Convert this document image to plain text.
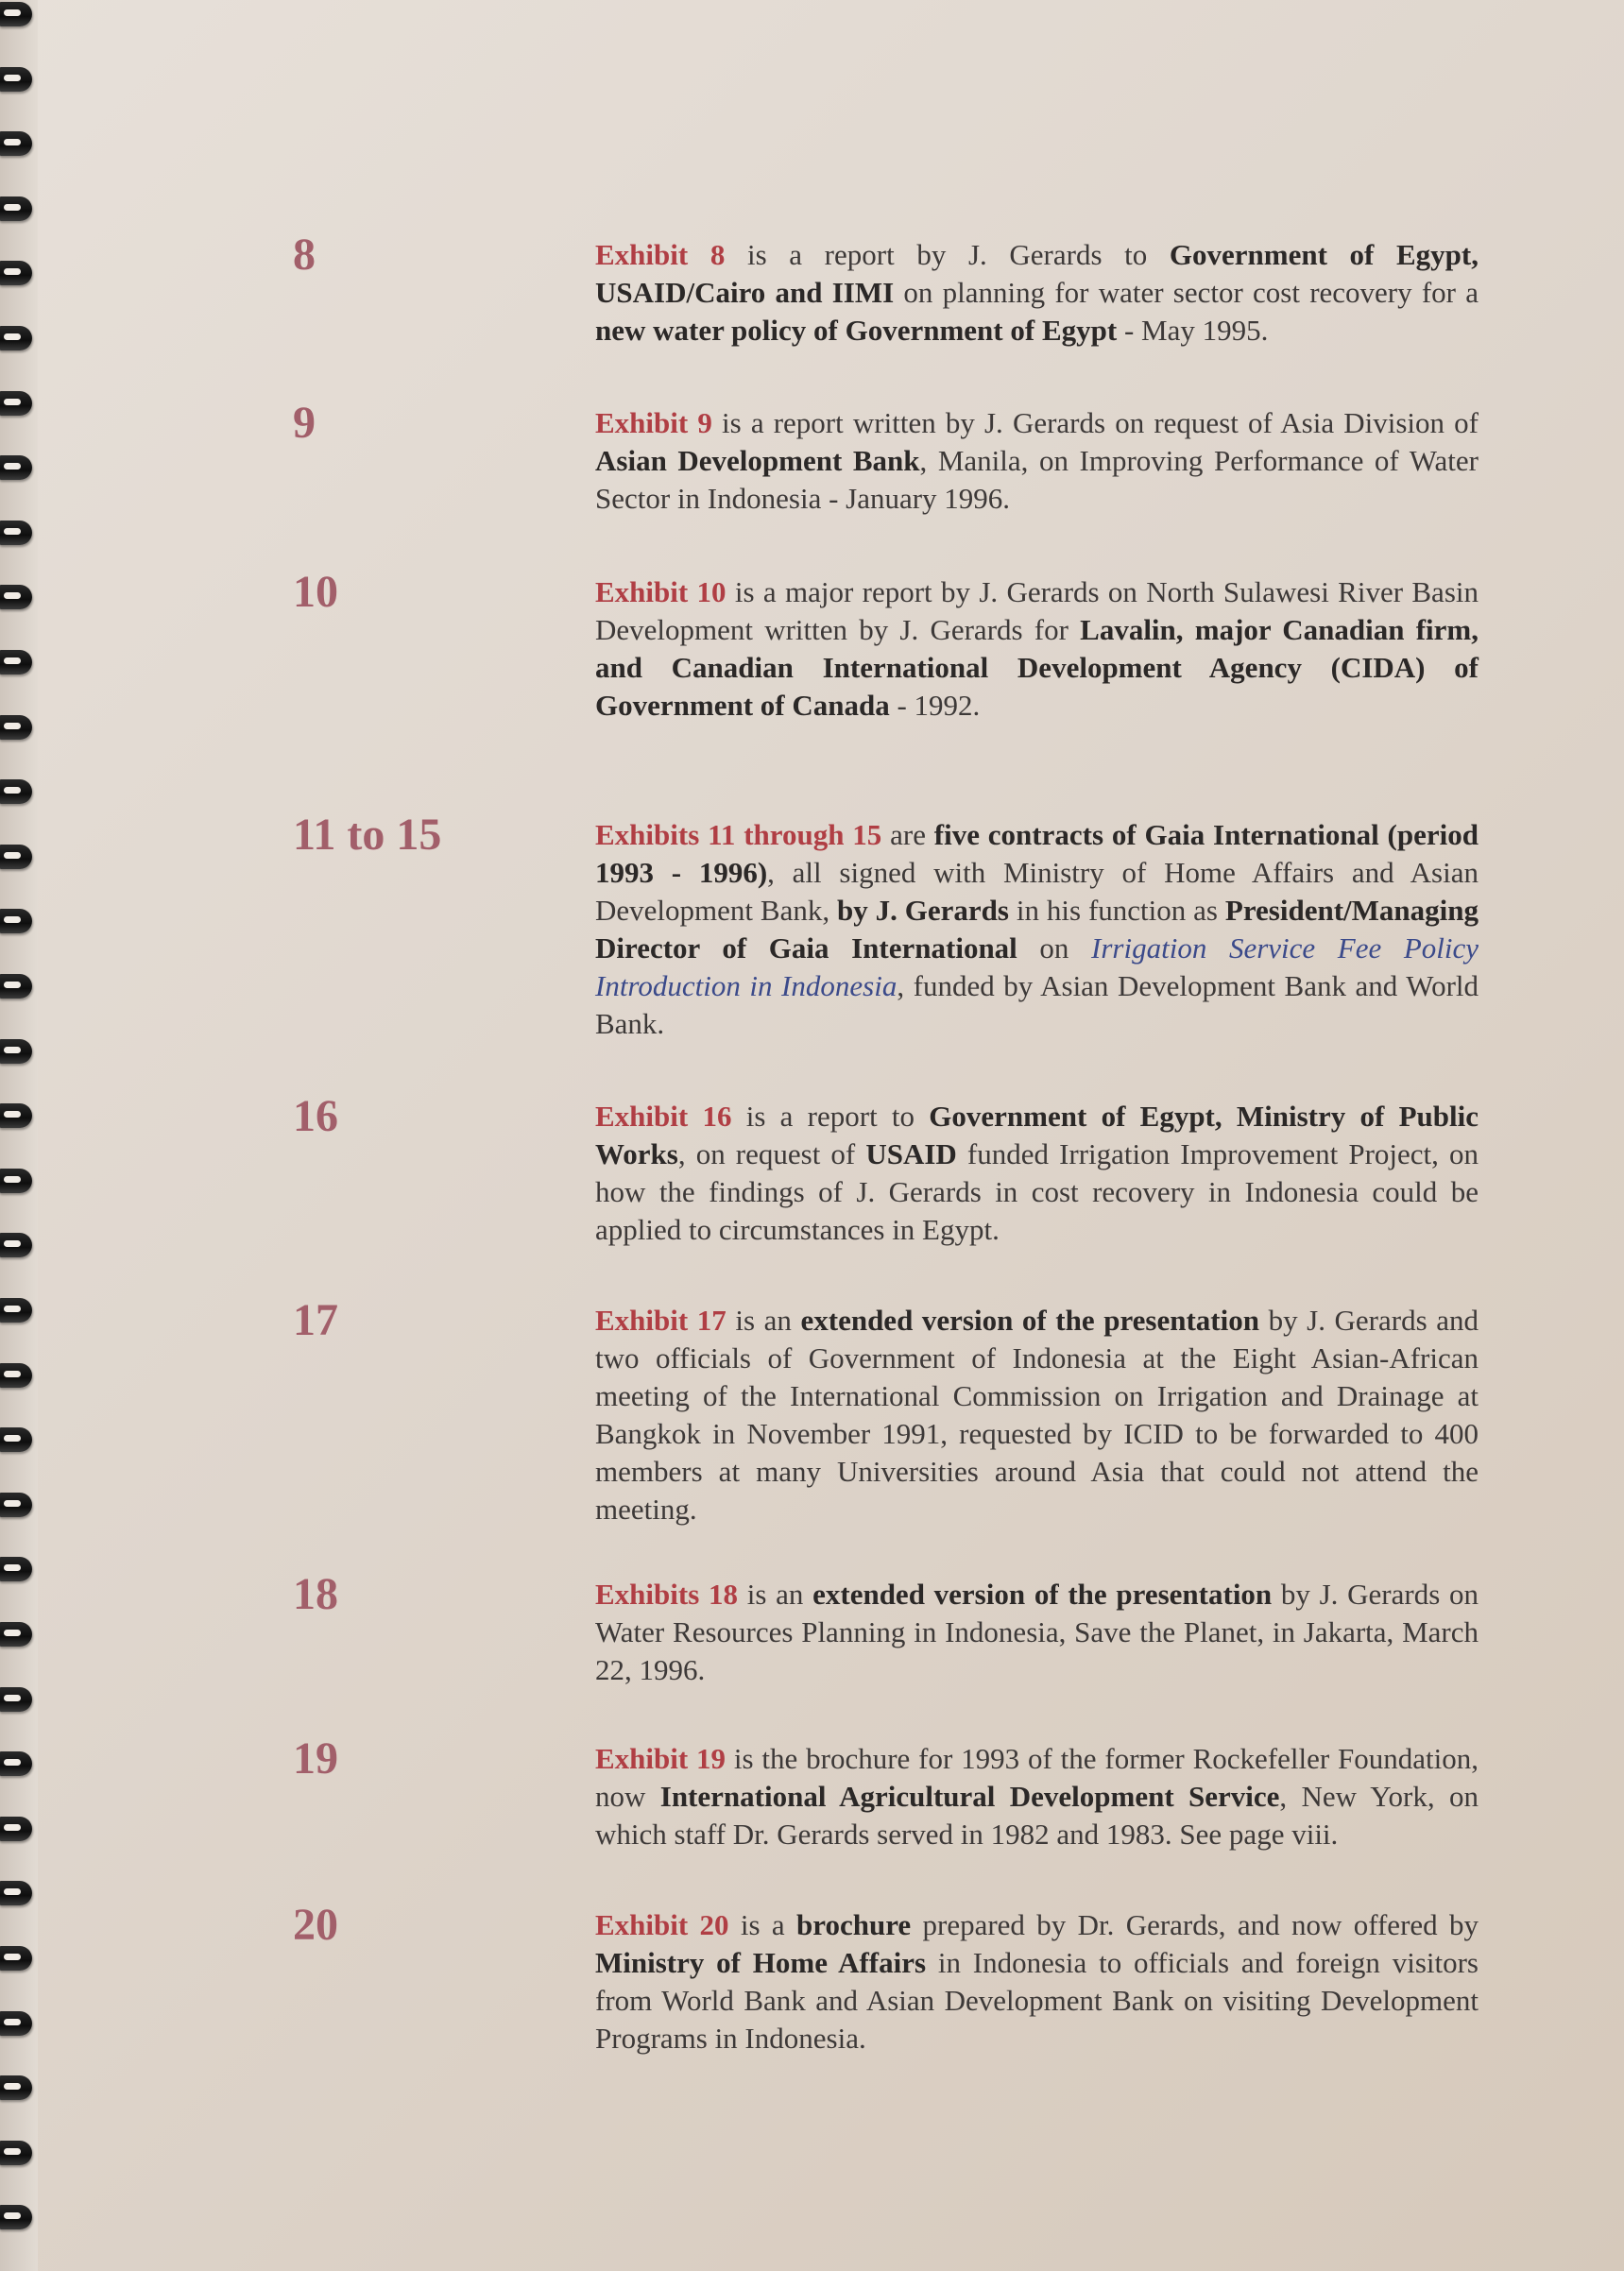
8	Exhibit 8 is a report by J. Gerards to Government of Egypt, USAID/Cairo and IIMI on planning for water sector cost recovery for a new water policy of Government of Egypt - May 1995.
9	Exhibit 9 is a report written by J. Gerards on request of Asia Division of Asian Development Bank, Manila, on Improving Performance of Water Sector in Indonesia - January 1996.
10	Exhibit 10 is a major report by J. Gerards on North Sulawesi River Basin Development written by J. Gerards for Lavalin, major Canadian firm, and Canadian International Development Agency (CIDA) of Government of Canada - 1992.
11 to 15	Exhibits 11 through 15 are five contracts of Gaia International (period 1993 - 1996), all signed with Ministry of Home Affairs and Asian Development Bank, by J. Gerards in his function as President/Managing Director of Gaia International on Irrigation Service Fee Policy Introduction in Indonesia, funded by Asian Development Bank and World Bank.
16	Exhibit 16 is a report to Government of Egypt, Ministry of Public Works, on request of USAID funded Irrigation Improvement Project, on how the findings of J. Gerards in cost recovery in Indonesia could be applied to circumstances in Egypt.
17	Exhibit 17 is an extended version of the presentation by J. Gerards and two officials of Government of Indonesia at the Eight Asian-African meeting of the International Commission on Irrigation and Drainage at Bangkok in November 1991, requested by ICID to be forwarded to 400 members at many Universities around Asia that could not attend the meeting.
18	Exhibits 18 is an extended version of the presentation by J. Gerards on Water Resources Planning in Indonesia, Save the Planet, in Jakarta, March 22, 1996.
19	Exhibit 19 is the brochure for 1993 of the former Rockefeller Foundation, now International Agricultural Development Service, New York, on which staff Dr. Gerards served in 1982 and 1983. See page viii.
20	Exhibit 20 is a brochure prepared by Dr. Gerards, and now offered by Ministry of Home Affairs in Indonesia to officials and foreign visitors from World Bank and Asian Development Bank on visiting Development Programs in Indonesia.
